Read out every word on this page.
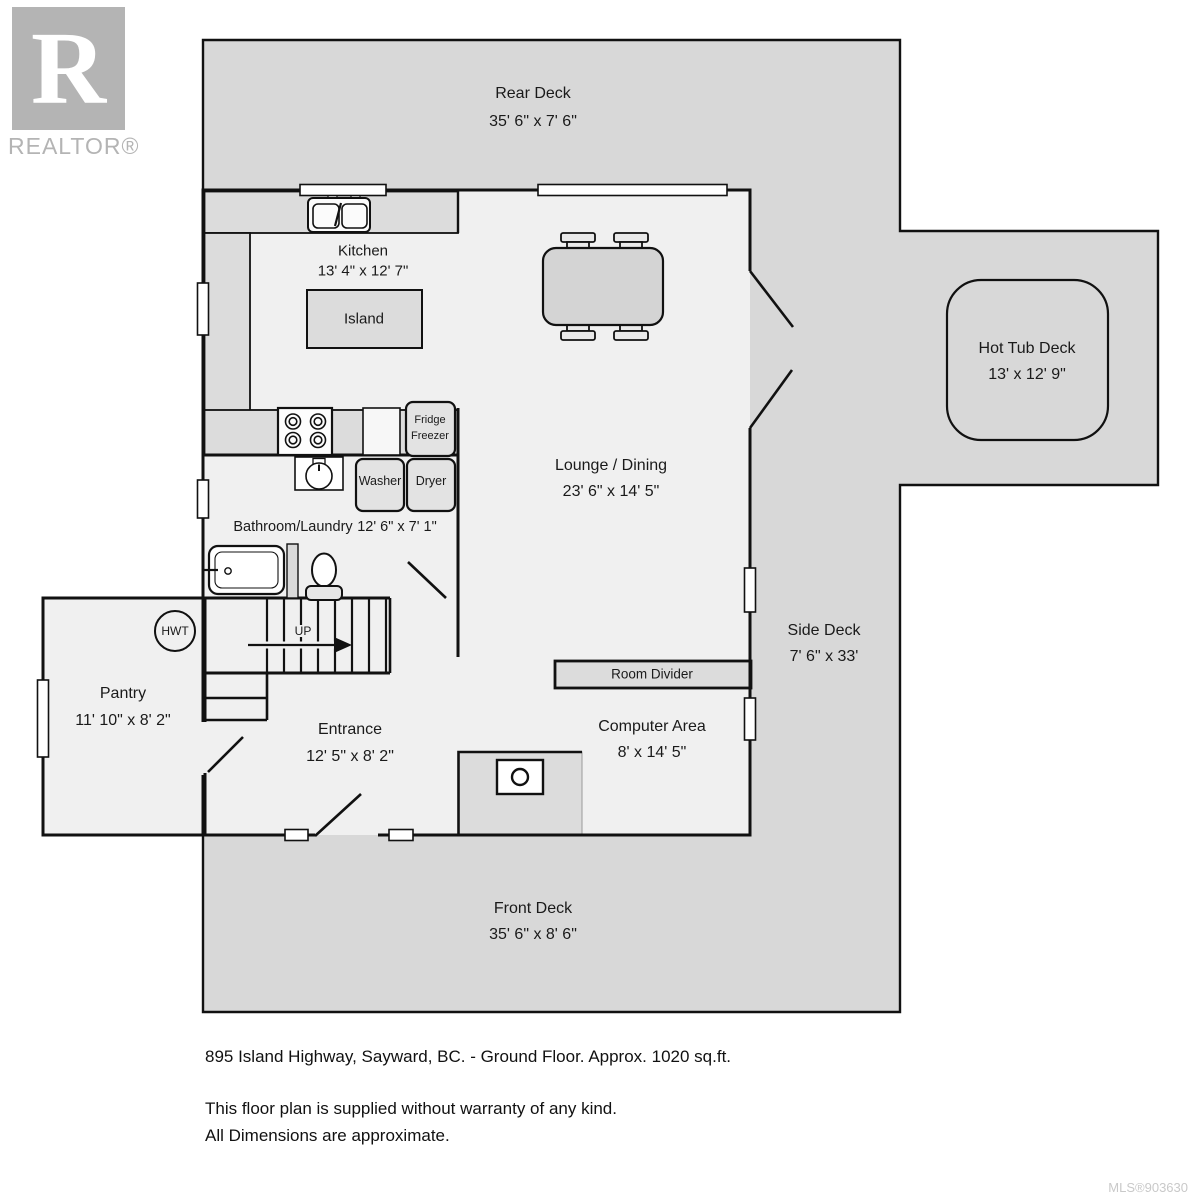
R
REALTOR®
Rear Deck
35' 6" x 7' 6"
Kitchen
13' 4" x 12' 7"
Island
Lounge / Dining
23' 6" x 14' 5"
Hot Tub Deck
13' x 12' 9"
Fridge
Freezer
Washer Dryer
Bathroom/Laundry 12' 6" x 7' 1"
HWT	UP
Pantry
11' 10" x 8' 2"
Entrance
12' 5" x 8' 2"
Room Divider
Computer Area
8' x 14' 5"
Side Deck
7' 6" x 33'
Front Deck
35' 6" x 8' 6"
895 Island Highway, Sayward, BC. - Ground Floor. Approx. 1020 sq.ft.
This floor plan is supplied without warranty of any kind.
All Dimensions are approximate.
MLS®903630
